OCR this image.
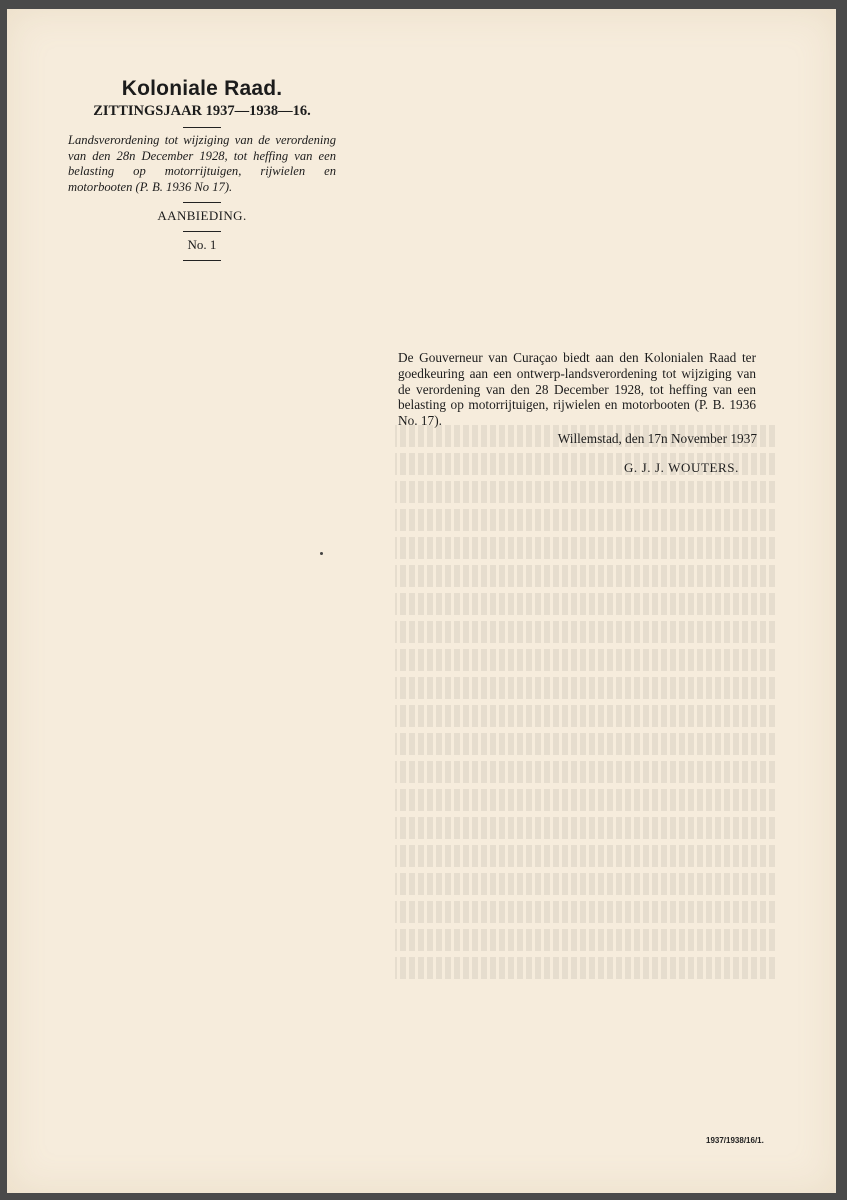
Koloniale Raad.
ZITTINGSJAAR 1937—1938—16.
Landsverordening tot wijziging van de verordening van den 28n December 1928, tot heffing van een belasting op motorrijtuigen, rijwielen en motorbooten (P. B. 1936 No 17).
AANBIEDING.
No. 1
De Gouverneur van Curaçao biedt aan den Kolonialen Raad ter goedkeuring aan een ontwerp-landsverordening tot wijziging van de verordening van den 28 December 1928, tot heffing van een belasting op motorrijtuigen, rijwielen en motorbooten (P. B. 1936 No. 17).
Willemstad, den 17n November 1937
G. J. J. WOUTERS.
1937/1938/16/1.
